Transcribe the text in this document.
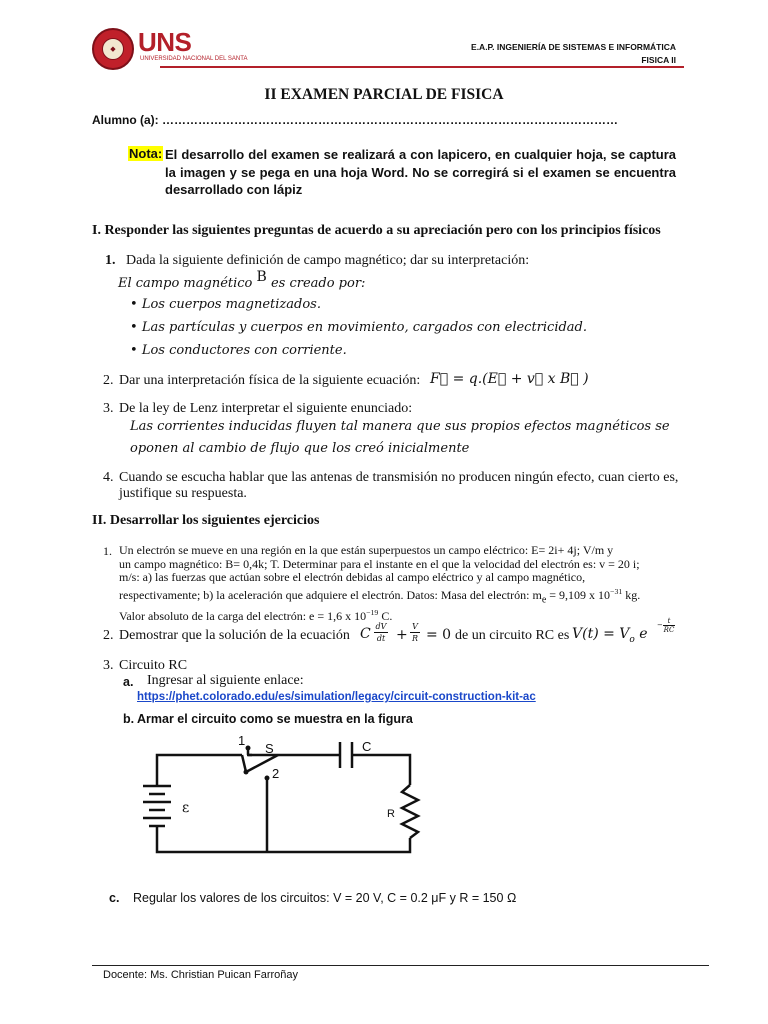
◆ UNS
UNIVERSIDAD NACIONAL DEL SANTA
E.A.P. INGENIERÍA DE SISTEMAS E INFORMÁTICA
FISICA II
II EXAMEN PARCIAL DE FISICA
Alumno (a): ……………………………………………………………………………………………………
Nota: El desarrollo del examen se realizará a con lapicero, en cualquier hoja, se captura la imagen y se pega en una hoja Word. No se corregirá si el examen se encuentra desarrollado con lápiz
I. Responder las siguientes preguntas de acuerdo a su apreciación pero con los principios físicos
1. Dada la siguiente definición de campo magnético; dar su interpretación:
El campo magnético B es creado por:
• Los cuerpos magnetizados.
• Las partículas y cuerpos en movimiento, cargados con electricidad.
• Los conductores con corriente.
2. Dar una interpretación física de la siguiente ecuación: F⃗ = q.(E⃗ + v⃗ x B⃗ )
3. De la ley de Lenz interpretar el siguiente enunciado:
Las corrientes inducidas fluyen tal manera que sus propios efectos magnéticos se
oponen al cambio de flujo que los creó inicialmente
4. Cuando se escucha hablar que las antenas de transmisión no producen ningún efecto, cuan cierto es, justifique su respuesta.
II. Desarrollar los siguientes ejercicios
1. Un electrón se mueve en una región en la que están superpuestos un campo eléctrico: E= 2i+ 4j; V/m y
un campo magnético: B= 0,4k; T. Determinar para el instante en el que la velocidad del electrón es: v = 20 i;
m/s: a) las fuerzas que actúan sobre el electrón debidas al campo eléctrico y al campo magnético,
respectivamente; b) la aceleración que adquiere el electrón. Datos: Masa del electrón: $m_e = 9,109$ x $10^{-31}$ kg.
Valor absoluto de la carga del electrón: e = 1,6 x $10^{-19}$ C.
2. Demostrar que la solución de la ecuación C dV
dt +
V
R = 0 de un circuito RC es $V(t) = V_o$ e
− t
RC
3. Circuito RC
a. Ingresar al siguiente enlace:
https://phet.colorado.edu/es/simulation/legacy/circuit-construction-kit-ac
b. Armar el circuito como se muestra en la figura
1
2
S	C
ε	R
c. Regular los valores de los circuitos: V = 20 V, C = 0.2 μF y R = 150 Ω
Docente: Ms. Christian Puican Farroñay
